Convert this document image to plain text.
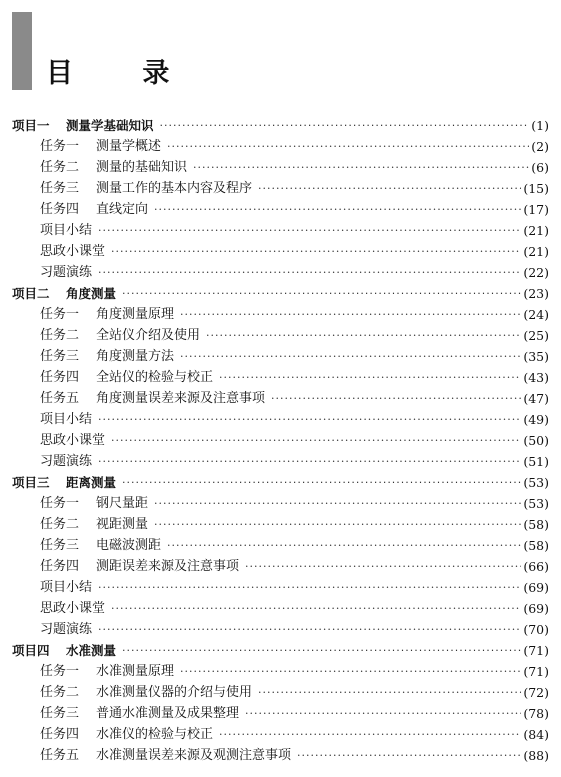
目 录
项目一 测量学基础知识 ·····	(1)
任务一 测量学概述 ·····	(2)
任务二 测量的基础知识 ·····	(6)
任务三 测量工作的基本内容及程序 ·····	(15)
任务四 直线定向 ·····	(17)
项目小结 ·····	(21)
思政小课堂 ·····	(21)
习题演练 ·····	(22)
项目二 角度测量 ·····	(23)
任务一 角度测量原理 ·····	(24)
任务二 全站仪介绍及使用 ·····	(25)
任务三 角度测量方法 ·····	(35)
任务四 全站仪的检验与校正 ·····	(43)
任务五 角度测量误差来源及注意事项 ·····	(47)
项目小结 ·····	(49)
思政小课堂 ·····	(50)
习题演练 ·····	(51)
项目三 距离测量 ·····	(53)
任务一 钢尺量距 ·····	(53)
任务二 视距测量 ·····	(58)
任务三 电磁波测距 ·····	(58)
任务四 测距误差来源及注意事项 ·····	(66)
项目小结 ·····	(69)
思政小课堂 ·····	(69)
习题演练 ·····	(70)
项目四 水准测量 ·····	(71)
任务一 水准测量原理 ·····	(71)
任务二 水准测量仪器的介绍与使用 ·····	(72)
任务三 普通水准测量及成果整理 ·····	(78)
任务四 水准仪的检验与校正 ·····	(84)
任务五 水准测量误差来源及观测注意事项 ·····	(88)
